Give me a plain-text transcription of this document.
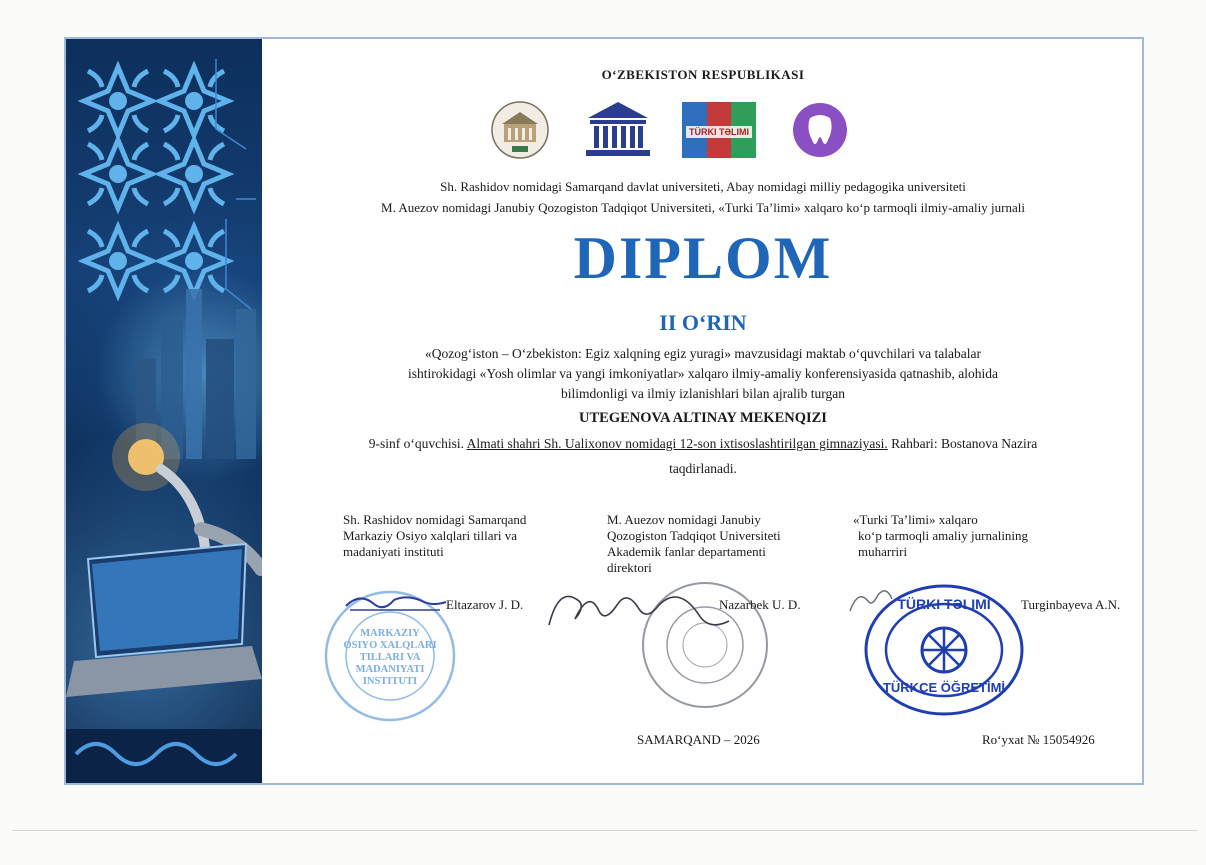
O‘ZBEKISTON RESPUBLIKASI
TÜRKI TƏLIMI
Sh. Rashidov nomidagi Samarqand davlat universiteti, Abay nomidagi milliy pedagogika universiteti
M. Auezov nomidagi Janubiy Qozogiston Tadqiqot Universiteti, «Turki Ta’limi» xalqaro ko‘p tarmoqli ilmiy-amaliy jurnali
DIPLOM
II O‘RIN
«Qozog‘iston – O‘zbekiston: Egiz xalqning egiz yuragi» mavzusidagi maktab o‘quvchilari va talabalar
ishtirokidagi «Yosh olimlar va yangi imkoniyatlar» xalqaro ilmiy-amaliy konferensiyasida qatnashib, alohida
bilimdonligi va ilmiy izlanishlari bilan ajralib turgan
UTEGENOVA ALTINAY MEKENQIZI
9-sinf o‘quvchisi. Almati shahri Sh. Ualixonov nomidagi 12-son ixtisoslashtirilgan gimnaziyasi. Rahbari: Bostanova Nazira
taqdirlanadi.
Sh. Rashidov nomidagi Samarqand
Markaziy Osiyo xalqlari tillari va
madaniyati instituti
M. Auezov nomidagi Janubiy
Qozogiston Tadqiqot Universiteti
Akademik fanlar departamenti
direktori
«Turki Ta’limi» xalqaro
ko‘p tarmoqli amaliy jurnalining
muharriri
MARKAZIY
OSIYO XALQLARI
TILLARI VA
MADANIYATI
INSTITUTI
TÜRKI TƏLIMI
TÜRKÇE ÖĞRETİMİ
Eltazarov J. D.	Nazarbek U. D.	Turginbayeva A.N.
SAMARQAND – 2026	Ro‘yxat № 15054926
